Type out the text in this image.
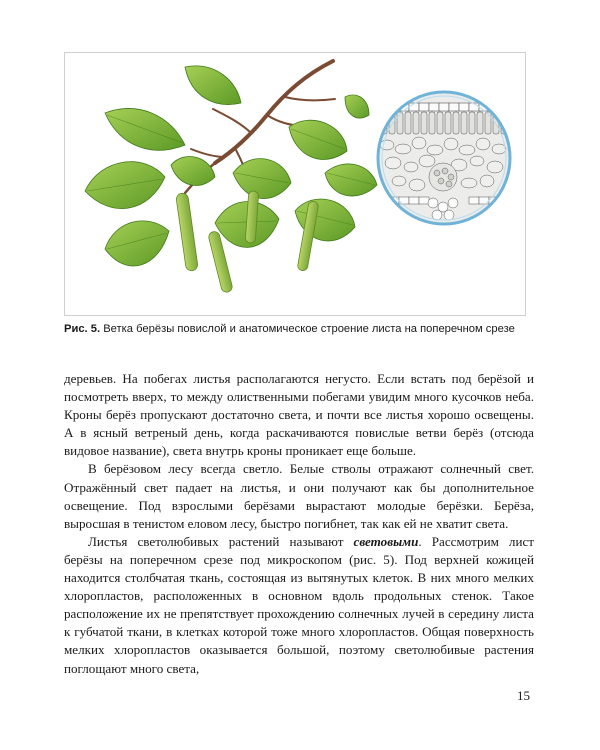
Рис. 5. Ветка берёзы повислой и анатомическое строение листа на поперечном срезе

деревьев. На побегах листья располагаются негусто. Если встать под берёзой и посмотреть вверх, то между олиственными побегами увидим много кусочков неба. Кроны берёз пропускают достаточно света, и почти все листья хорошо освещены. А в ясный ветреный день, когда раскачиваются повислые ветви берёз (отсюда видовое название), света внутрь кроны проникает еще больше.

В берёзовом лесу всегда светло. Белые стволы отражают солнечный свет. Отражённый свет падает на листья, и они получают как бы дополнительное освещение. Под взрослыми берёзами вырастают молодые берёзки. Берёза, выросшая в тенистом еловом лесу, быстро погибнет, так как ей не хватит света.

Листья светолюбивых растений называют световыми. Рассмотрим лист берёзы на поперечном срезе под микроскопом (рис. 5). Под верхней кожицей находится столбчатая ткань, состоящая из вытянутых клеток. В них много мелких хлоропластов, расположенных в основном вдоль продольных стенок. Такое расположение их не препятствует прохождению солнечных лучей в середину листа к губчатой ткани, в клетках которой тоже много хлоропластов. Общая поверхность мелких хлоропластов оказывается большой, поэтому светолюбивые растения поглощают много света,

15
